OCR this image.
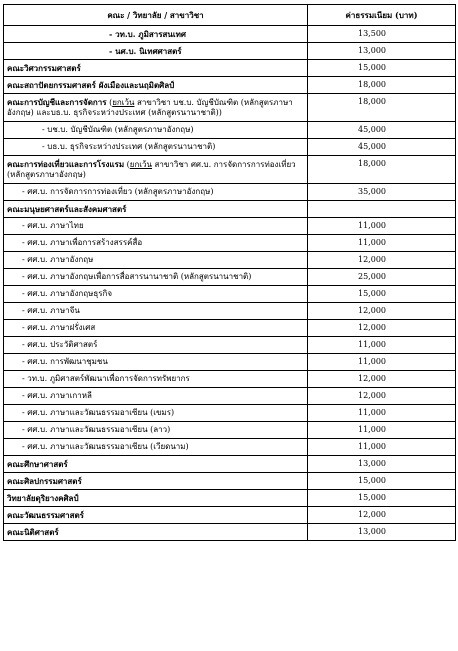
คณะ / วิทยาลัย / สาขาวิชา	ค่าธรรมเนียม (บาท)
- วท.บ. ภูมิสารสนเทศ	13,500
- นศ.บ. นิเทศศาสตร์	13,000
คณะวิศวกรรมศาสตร์	15,000
คณะสถาปัตยกรรมศาสตร์ ผังเมืองและนฤมิตศิลป์	18,000
คณะการบัญชีและการจัดการ (ยกเว้น สาขาวิชา บช.บ. บัญชีบัณฑิต (หลักสูตรภาษาอังกฤษ) และบธ.บ. ธุรกิจระหว่างประเทศ (หลักสูตรนานาชาติ))	18,000
- บช.บ. บัญชีบัณฑิต (หลักสูตรภาษาอังกฤษ)	45,000
- บธ.บ. ธุรกิจระหว่างประเทศ (หลักสูตรนานาชาติ)	45,000
คณะการท่องเที่ยวและการโรงแรม (ยกเว้น สาขาวิชา ศศ.บ. การจัดการการท่องเที่ยว (หลักสูตรภาษาอังกฤษ)	18,000
- ศศ.บ. การจัดการการท่องเที่ยว (หลักสูตรภาษาอังกฤษ)	35,000
คณะมนุษยศาสตร์และสังคมศาสตร์	
- ศศ.บ. ภาษาไทย	11,000
- ศศ.บ. ภาษาเพื่อการสร้างสรรค์สื่อ	11,000
- ศศ.บ. ภาษาอังกฤษ	12,000
- ศศ.บ. ภาษาอังกฤษเพื่อการสื่อสารนานาชาติ (หลักสูตรนานาชาติ)	25,000
- ศศ.บ. ภาษาอังกฤษธุรกิจ	15,000
- ศศ.บ. ภาษาจีน	12,000
- ศศ.บ. ภาษาฝรั่งเศส	12,000
- ศศ.บ. ประวัติศาสตร์	11,000
- ศศ.บ. การพัฒนาชุมชน	11,000
- วท.บ. ภูมิศาสตร์พัฒนาเพื่อการจัดการทรัพยากร	12,000
- ศศ.บ. ภาษาเกาหลี	12,000
- ศศ.บ. ภาษาและวัฒนธรรมอาเซียน (เขมร)	11,000
- ศศ.บ. ภาษาและวัฒนธรรมอาเซียน (ลาว)	11,000
- ศศ.บ. ภาษาและวัฒนธรรมอาเซียน (เวียดนาม)	11,000
คณะศึกษาศาสตร์	13,000
คณะศิลปกรรมศาสตร์	15,000
วิทยาลัยดุริยางคศิลป์	15,000
คณะวัฒนธรรมศาสตร์	12,000
คณะนิติศาสตร์	13,000
